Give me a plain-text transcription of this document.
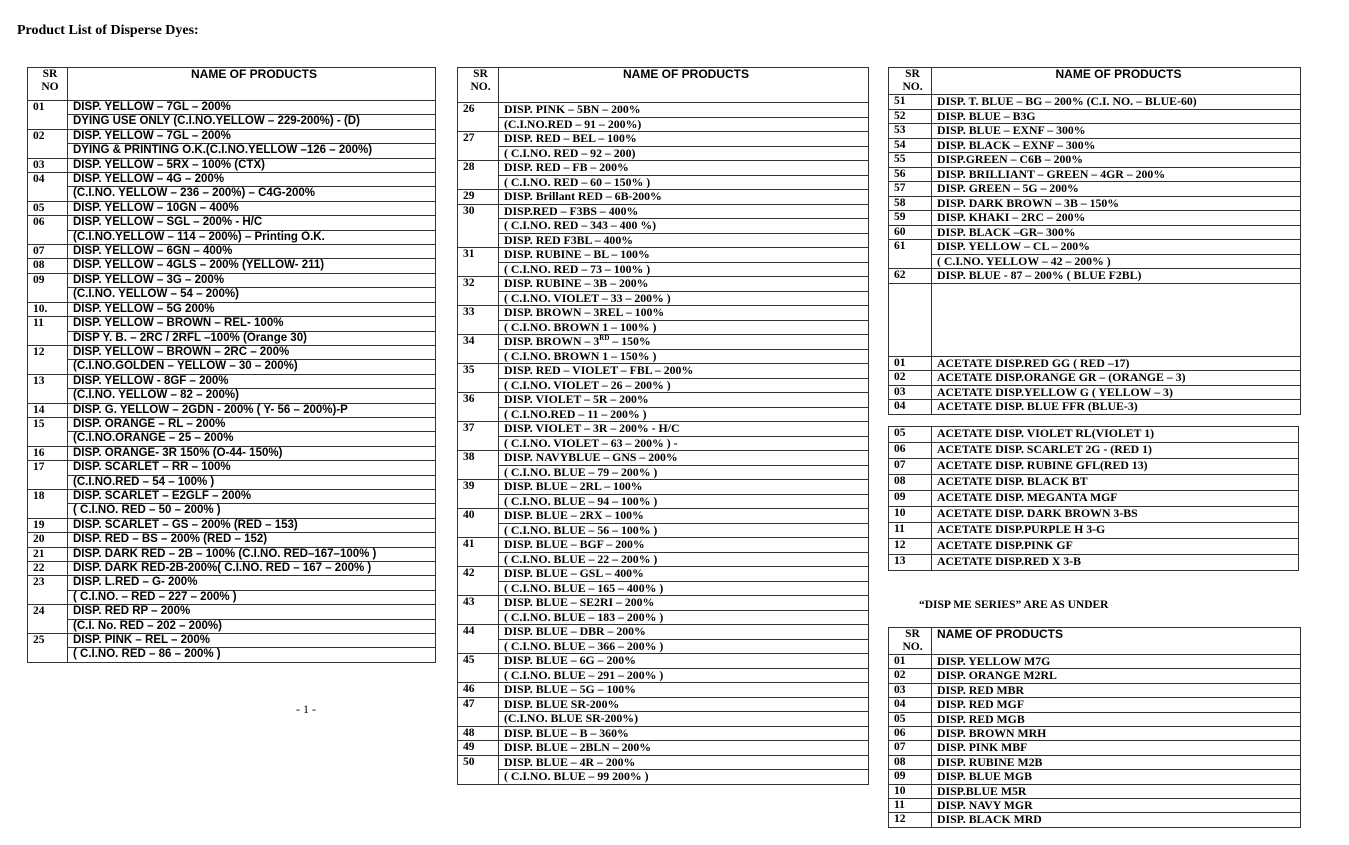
Product List of Disperse Dyes:
SR
NO	NAME OF PRODUCTS
01	DISP. YELLOW – 7GL – 200%
	DYING USE ONLY (C.I.NO.YELLOW – 229-200%) - (D)
02	DISP. YELLOW – 7GL – 200%
	DYING & PRINTING O.K.(C.I.NO.YELLOW –126 – 200%)
03	DISP. YELLOW – 5RX – 100% (CTX)
04	DISP. YELLOW – 4G – 200%
	(C.I.NO. YELLOW – 236 – 200%) – C4G-200%
05	DISP. YELLOW – 10GN – 400%
06	DISP. YELLOW – SGL – 200% - H/C
	(C.I.NO.YELLOW – 114 – 200%) – Printing O.K.
07	DISP. YELLOW – 6GN – 400%
08	DISP. YELLOW – 4GLS – 200% (YELLOW- 211)
09	DISP. YELLOW – 3G – 200%
	(C.I.NO. YELLOW – 54 – 200%)
10.	DISP. YELLOW – 5G 200%
11	DISP. YELLOW – BROWN – REL- 100%
	DISP Y. B. – 2RC / 2RFL –100% (Orange 30)
12	DISP. YELLOW – BROWN – 2RC – 200%
	(C.I.NO.GOLDEN – YELLOW – 30 – 200%)
13	DISP. YELLOW - 8GF – 200%
	(C.I.NO. YELLOW – 82 – 200%)
14	DISP. G. YELLOW – 2GDN - 200% ( Y- 56 – 200%)-P
15	DISP. ORANGE – RL – 200%
	(C.I.NO.ORANGE – 25 – 200%
16	DISP. ORANGE- 3R 150% (O-44- 150%)
17	DISP. SCARLET – RR – 100%
	(C.I.NO.RED – 54 – 100% )
18	DISP. SCARLET – E2GLF – 200%
	( C.I.NO. RED – 50 – 200% )
19	DISP. SCARLET – GS – 200% (RED – 153)
20	DISP. RED – BS – 200% (RED – 152)
21	DISP. DARK RED – 2B – 100% (C.I.NO. RED–167–100% )
22	DISP. DARK RED-2B-200%( C.I.NO. RED – 167 – 200% )
23	DISP. L.RED – G- 200%
	( C.I.NO. – RED – 227 – 200% )
24	DISP. RED RP – 200%
	(C.I. No. RED – 202 – 200%)
25	DISP. PINK – REL – 200%
	( C.I.NO. RED – 86 – 200% )
- 1 -
SR
NO.	NAME OF PRODUCTS
26	DISP. PINK – 5BN – 200%
	(C.I.NO.RED – 91 – 200%)
27	DISP. RED – BEL – 100%
	( C.I.NO. RED – 92 – 200)
28	DISP. RED – FB – 200%
	( C.I.NO. RED – 60 – 150% )
29	DISP. Brillant RED – 6B-200%
30	DISP.RED – F3BS – 400%
	( C.I.NO. RED – 343 – 400 %)
	DISP. RED F3BL – 400%
31	DISP. RUBINE – BL – 100%
	( C.I.NO. RED – 73 – 100% )
32	DISP. RUBINE – 3B – 200%
	( C.I.NO. VIOLET – 33 – 200% )
33	DISP. BROWN – 3REL – 100%
	( C.I.NO. BROWN 1 – 100% )
34	DISP. BROWN – 3RD – 150%
	( C.I.NO. BROWN 1 – 150% )
35	DISP. RED – VIOLET – FBL – 200%
	( C.I.NO. VIOLET – 26 – 200% )
36	DISP. VIOLET – 5R – 200%
	( C.I.NO.RED – 11 – 200% )
37	DISP. VIOLET – 3R – 200% - H/C
	( C.I.NO. VIOLET – 63 – 200% ) -
38	DISP. NAVYBLUE – GNS – 200%
	( C.I.NO. BLUE – 79 – 200% )
39	DISP. BLUE – 2RL – 100%
	( C.I.NO. BLUE – 94 – 100% )
40	DISP. BLUE – 2RX – 100%
	( C.I.NO. BLUE – 56 – 100% )
41	DISP. BLUE – BGF – 200%
	( C.I.NO. BLUE – 22 – 200% )
42	DISP. BLUE – GSL – 400%
	( C.I.NO. BLUE – 165 – 400% )
43	DISP. BLUE – SE2RI – 200%
	( C.I.NO. BLUE – 183 – 200% )
44	DISP. BLUE – DBR – 200%
	( C.I.NO. BLUE – 366 – 200% )
45	DISP. BLUE – 6G – 200%
	( C.I.NO. BLUE – 291 – 200% )
46	DISP. BLUE – 5G – 100%
47	DISP. BLUE SR-200%
	(C.I.NO. BLUE SR-200%)
48	DISP. BLUE – B – 360%
49	DISP. BLUE – 2BLN – 200%
50	DISP. BLUE – 4R – 200%
	( C.I.NO. BLUE – 99 200% )
SR
NO.	NAME OF PRODUCTS
51	DISP. T. BLUE – BG – 200% (C.I. NO. – BLUE-60)
52	DISP. BLUE – B3G
53	DISP. BLUE – EXNF – 300%
54	DISP. BLACK – EXNF – 300%
55	DISP.GREEN – C6B – 200%
56	DISP. BRILLIANT – GREEN – 4GR – 200%
57	DISP. GREEN – 5G – 200%
58	DISP. DARK BROWN – 3B – 150%
59	DISP. KHAKI – 2RC – 200%
60	DISP. BLACK –GR– 300%
61	DISP. YELLOW – CL – 200%
	( C.I.NO. YELLOW – 42 – 200% )
62	DISP. BLUE - 87 – 200% ( BLUE F2BL)

01	ACETATE DISP.RED GG ( RED –17)
02	ACETATE DISP.ORANGE GR – (ORANGE – 3)
03	ACETATE DISP.YELLOW G ( YELLOW – 3)
04	ACETATE DISP. BLUE FFR (BLUE-3)
05	ACETATE DISP. VIOLET RL(VIOLET 1)
06	ACETATE DISP. SCARLET 2G - (RED 1)
07	ACETATE DISP. RUBINE GFL(RED 13)
08	ACETATE DISP. BLACK BT
09	ACETATE DISP. MEGANTA MGF
10	ACETATE DISP. DARK BROWN 3-BS
11	ACETATE DISP.PURPLE H 3-G
12	ACETATE DISP.PINK GF
13	ACETATE DISP.RED X 3-B
“DISP ME SERIES” ARE AS UNDER
SR
NO.	NAME OF PRODUCTS
01	DISP. YELLOW M7G
02	DISP. ORANGE M2RL
03	DISP. RED MBR
04	DISP. RED MGF
05	DISP. RED MGB
06	DISP. BROWN MRH
07	DISP. PINK MBF
08	DISP. RUBINE M2B
09	DISP. BLUE MGB
10	DISP.BLUE M5R
11	DISP. NAVY MGR
12	DISP. BLACK MRD
